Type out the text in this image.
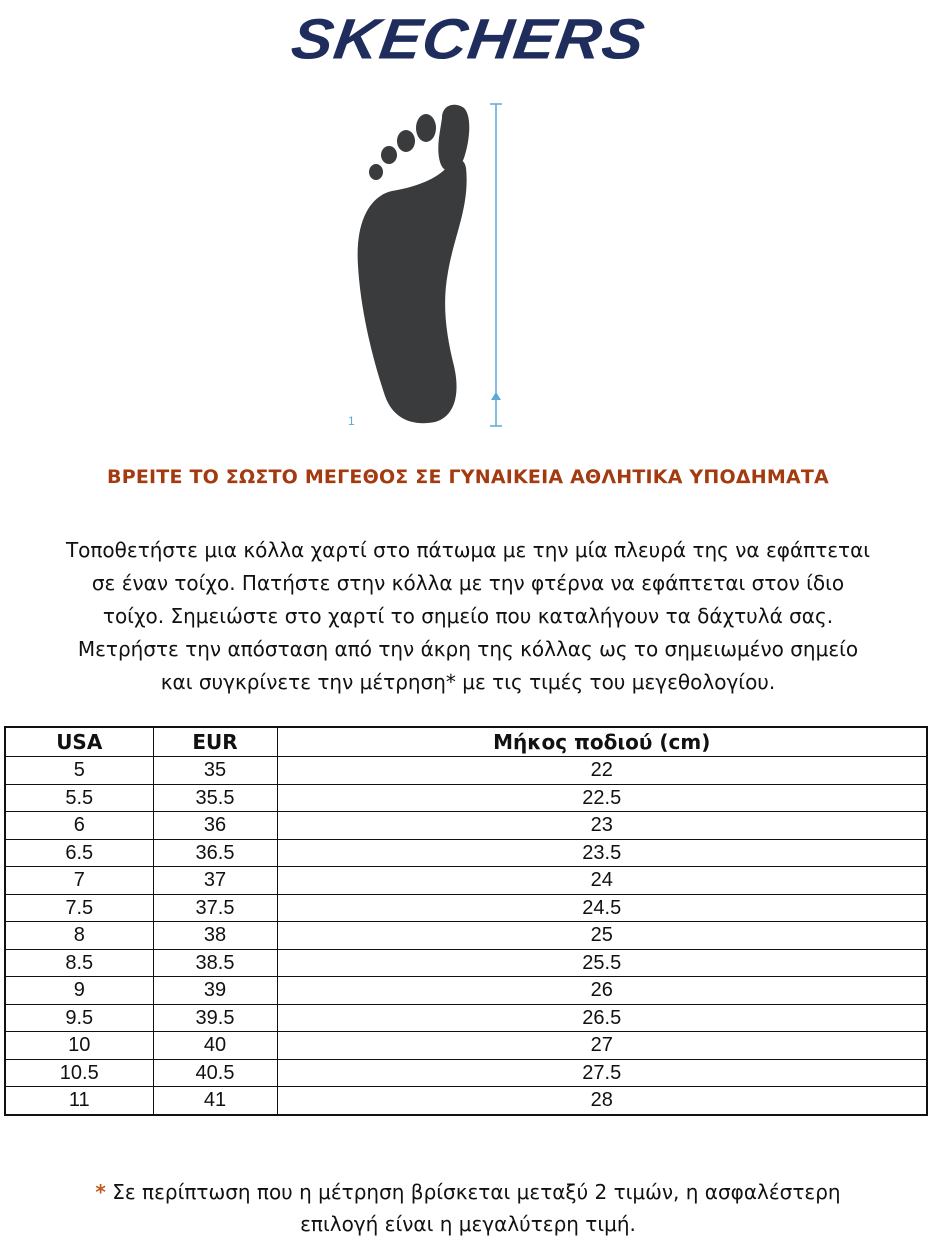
SKECHERS
1
ΒΡΕΙΤΕ ΤΟ ΣΩΣΤΟ ΜΕΓΕΘΟΣ ΣΕ ΓΥΝΑΙΚΕΙΑ ΑΘΛΗΤΙΚΑ ΥΠΟΔΗΜΑΤΑ
Τοποθετήστε μια κόλλα χαρτί στο πάτωμα με την μία πλευρά της να εφάπτεται
σε έναν τοίχο. Πατήστε στην κόλλα με την φτέρνα να εφάπτεται στον ίδιο
τοίχο. Σημειώστε στο χαρτί το σημείο που καταλήγουν τα δάχτυλά σας.
Μετρήστε την απόσταση από την άκρη της κόλλας ως το σημειωμένο σημείο
και συγκρίνετε την μέτρηση* με τις τιμές του μεγεθολογίου.
USA	EUR	Μήκος ποδιού (cm)
5	35	22
5.5	35.5	22.5
6	36	23
6.5	36.5	23.5
7	37	24
7.5	37.5	24.5
8	38	25
8.5	38.5	25.5
9	39	26
9.5	39.5	26.5
10	40	27
10.5	40.5	27.5
11	41	28
* Σε περίπτωση που η μέτρηση βρίσκεται μεταξύ 2 τιμών, η ασφαλέστερη
επιλογή είναι η μεγαλύτερη τιμή.
